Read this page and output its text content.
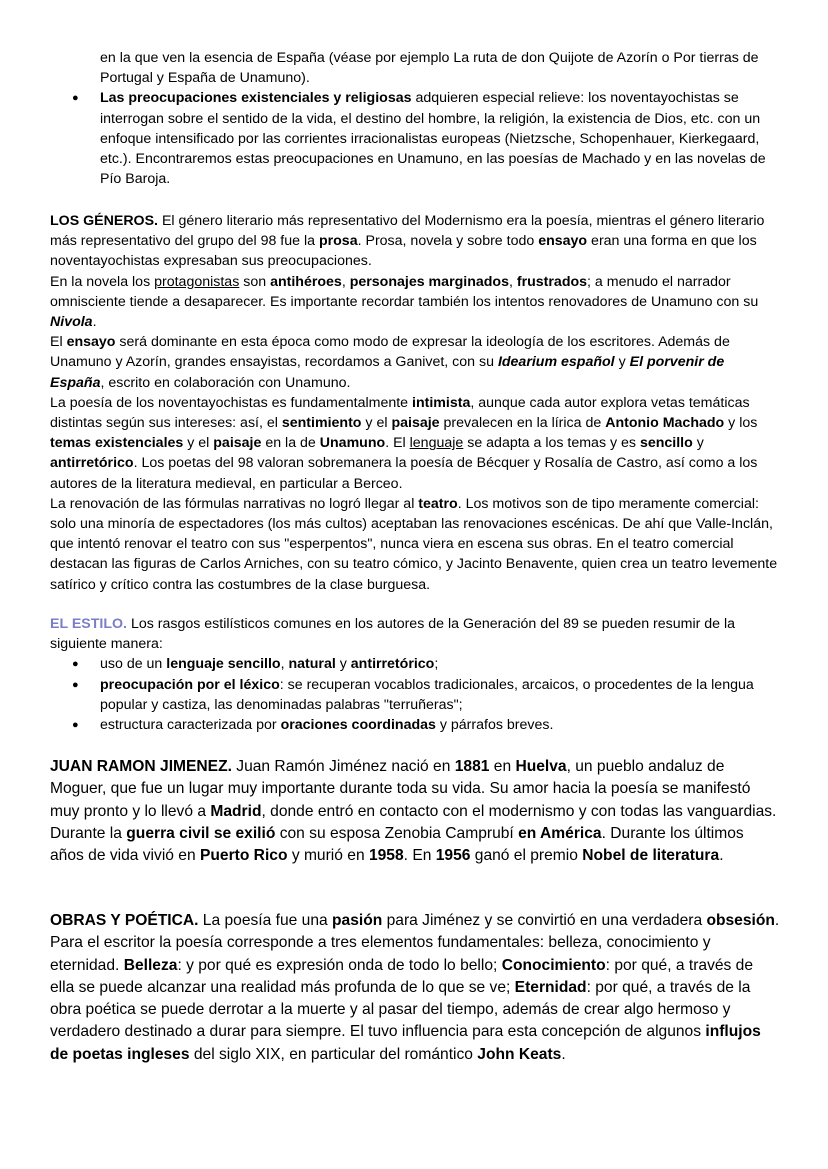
en la que ven la esencia de España (véase por ejemplo La ruta de don Quijote de Azorín o Por tierras de Portugal y España de Unamuno).

● Las preocupaciones existenciales y religiosas adquieren especial relieve: los noventayochistas se interrogan sobre el sentido de la vida, el destino del hombre, la religión, la existencia de Dios, etc. con un enfoque intensificado por las corrientes irracionalistas europeas (Nietzsche, Schopenhauer, Kierkegaard, etc.). Encontraremos estas preocupaciones en Unamuno, en las poesías de Machado y en las novelas de Pío Baroja.

LOS GÉNEROS. El género literario más representativo del Modernismo era la poesía, mientras el género literario más representativo del grupo del 98 fue la prosa. Prosa, novela y sobre todo ensayo eran una forma en que los noventayochistas expresaban sus preocupaciones.

En la novela los protagonistas son antihéroes, personajes marginados, frustrados; a menudo el narrador omnisciente tiende a desaparecer. Es importante recordar también los intentos renovadores de Unamuno con su Nivola.

El ensayo será dominante en esta época como modo de expresar la ideología de los escritores. Además de Unamuno y Azorín, grandes ensayistas, recordamos a Ganivet, con su Idearium español y El porvenir de España, escrito en colaboración con Unamuno.

La poesía de los noventayochistas es fundamentalmente intimista, aunque cada autor explora vetas temáticas distintas según sus intereses: así, el sentimiento y el paisaje prevalecen en la lírica de Antonio Machado y los temas existenciales y el paisaje en la de Unamuno. El lenguaje se adapta a los temas y es sencillo y antirretórico. Los poetas del 98 valoran sobremanera la poesía de Bécquer y Rosalía de Castro, así como a los autores de la literatura medieval, en particular a Berceo.

La renovación de las fórmulas narrativas no logró llegar al teatro. Los motivos son de tipo meramente comercial: solo una minoría de espectadores (los más cultos) aceptaban las renovaciones escénicas. De ahí que Valle-Inclán, que intentó renovar el teatro con sus "esperpentos", nunca viera en escena sus obras. En el teatro comercial destacan las figuras de Carlos Arniches, con su teatro cómico, y Jacinto Benavente, quien crea un teatro levemente satírico y crítico contra las costumbres de la clase burguesa.

EL ESTILO. Los rasgos estilísticos comunes en los autores de la Generación del 89 se pueden resumir de la siguiente manera:

● uso de un lenguaje sencillo, natural y antirretórico;
● preocupación por el léxico: se recuperan vocablos tradicionales, arcaicos, o procedentes de la lengua popular y castiza, las denominadas palabras "terruñeras";
● estructura caracterizada por oraciones coordinadas y párrafos breves.

JUAN RAMON JIMENEZ. Juan Ramón Jiménez nació en 1881 en Huelva, un pueblo andaluz de Moguer, que fue un lugar muy importante durante toda su vida. Su amor hacia la poesía se manifestó muy pronto y lo llevó a Madrid, donde entró en contacto con el modernismo y con todas las vanguardias. Durante la guerra civil se exilió con su esposa Zenobia Camprubí en América. Durante los últimos años de vida vivió en Puerto Rico y murió en 1958. En 1956 ganó el premio Nobel de literatura.

OBRAS Y POÉTICA. La poesía fue una pasión para Jiménez y se convirtió en una verdadera obsesión. Para el escritor la poesía corresponde a tres elementos fundamentales: belleza, conocimiento y eternidad. Belleza: y por qué es expresión onda de todo lo bello; Conocimiento: por qué, a través de ella se puede alcanzar una realidad más profunda de lo que se ve; Eternidad: por qué, a través de la obra poética se puede derrotar a la muerte y al pasar del tiempo, además de crear algo hermoso y verdadero destinado a durar para siempre. El tuvo influencia para esta concepción de algunos influjos de poetas ingleses del siglo XIX, en particular del romántico John Keats.
